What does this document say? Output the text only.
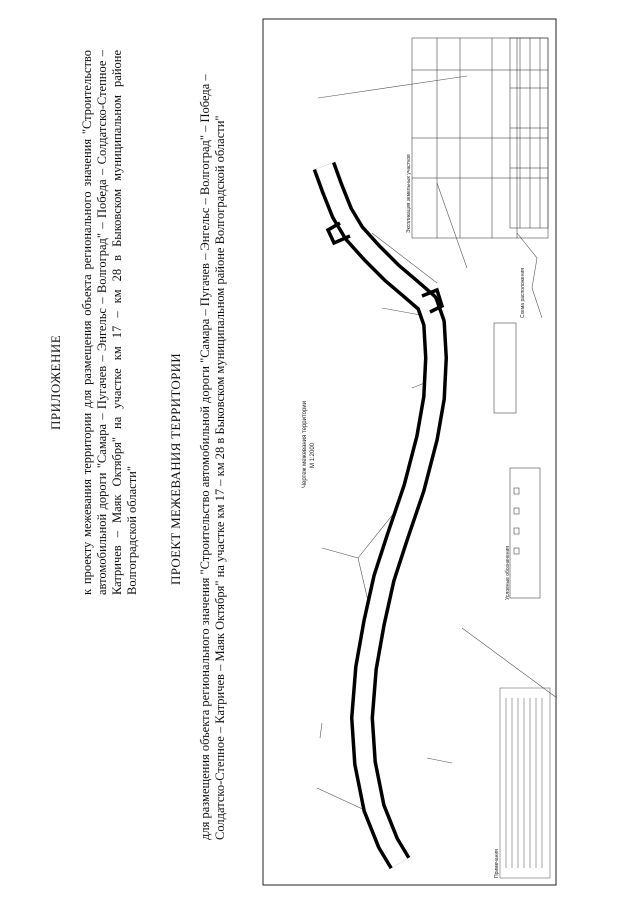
ПРИЛОЖЕНИЕ к проекту межевания территории для размещения объекта регионального значения "Строительство автомобильной дороги "Самара – Пугачев – Энгельс – Волгоград" – Победа – Солдатско-Степное – Катричев – Маяк Октября" на участке км 17 – км 28 в Быковском муниципальном районе Волгоградской области" ПРОЕКТ МЕЖЕВАНИЯ ТЕРРИТОРИИ для размещения объекта регионального значения "Строительство автомобильной дороги "Самара – Пугачев – Энгельс – Волгоград" – Победа – Солдатско-Степное – Катричев – Маяк Октября" на участке км 17 – км 28 в Быковском муниципальном районе Волгоградской области"	Чертеж межевания территории М 1:2000
Условные обозначения
Экспликация земельных участков
Схема расположения
Примечания
